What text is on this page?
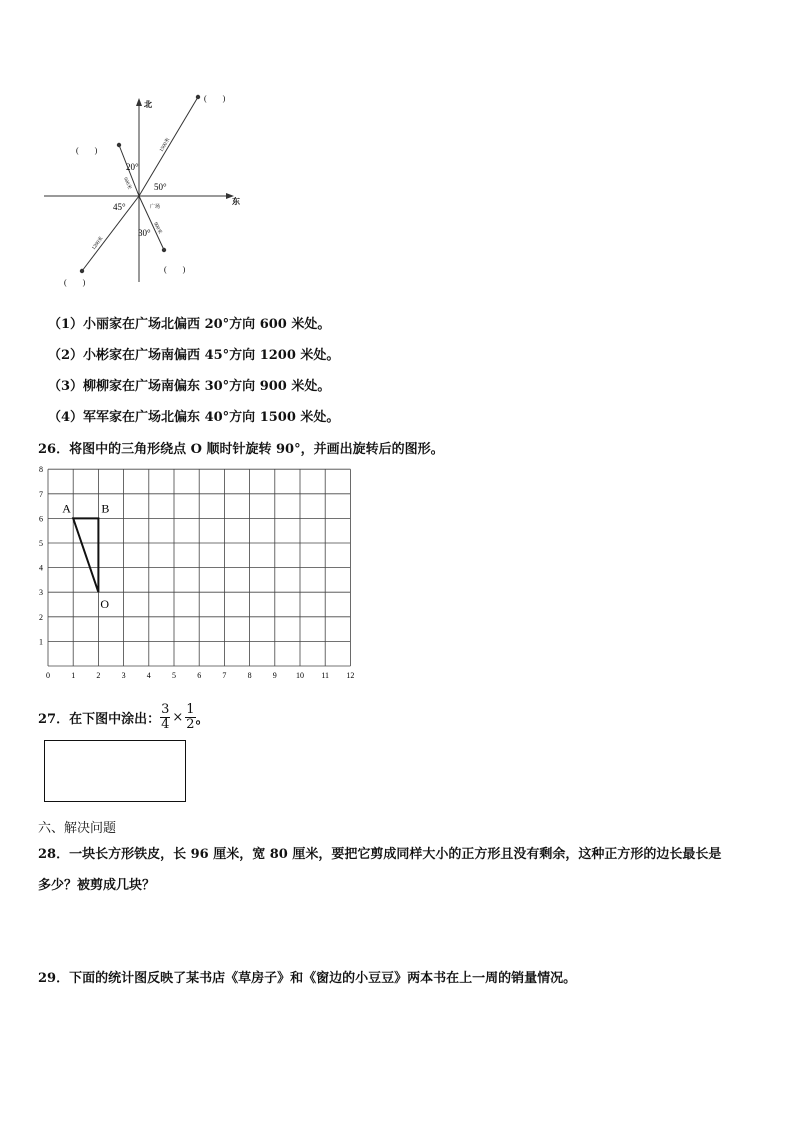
北
东
(　　)
(　　)
(　　)
(　　)
20°
50°
45°
30°
广场
1500米
600米
1200米
900米
（1）小丽家在广场北偏西 20°方向 600 米处。
（2）小彬家在广场南偏西 45°方向 1200 米处。
（3）柳柳家在广场南偏东 30°方向 900 米处。
（4）军军家在广场北偏东 40°方向 1500 米处。
26．将图中的三角形绕点 O 顺时针旋转 90°，并画出旋转后的图形。
0	1	2	3	4	5	6	7	8	9 10 11 12
1
2
3
4
5
6
7
8
A	B
O
27．在下图中涂出： $\frac{3}{4} \times \frac{1}{2}$ 。
六、解决问题
28．一块长方形铁皮，长 96 厘米，宽 80 厘米，要把它剪成同样大小的正方形且没有剩余，这种正方形的边长最长是
多少？被剪成几块？
29．下面的统计图反映了某书店《草房子》和《窗边的小豆豆》两本书在上一周的销量情况。
